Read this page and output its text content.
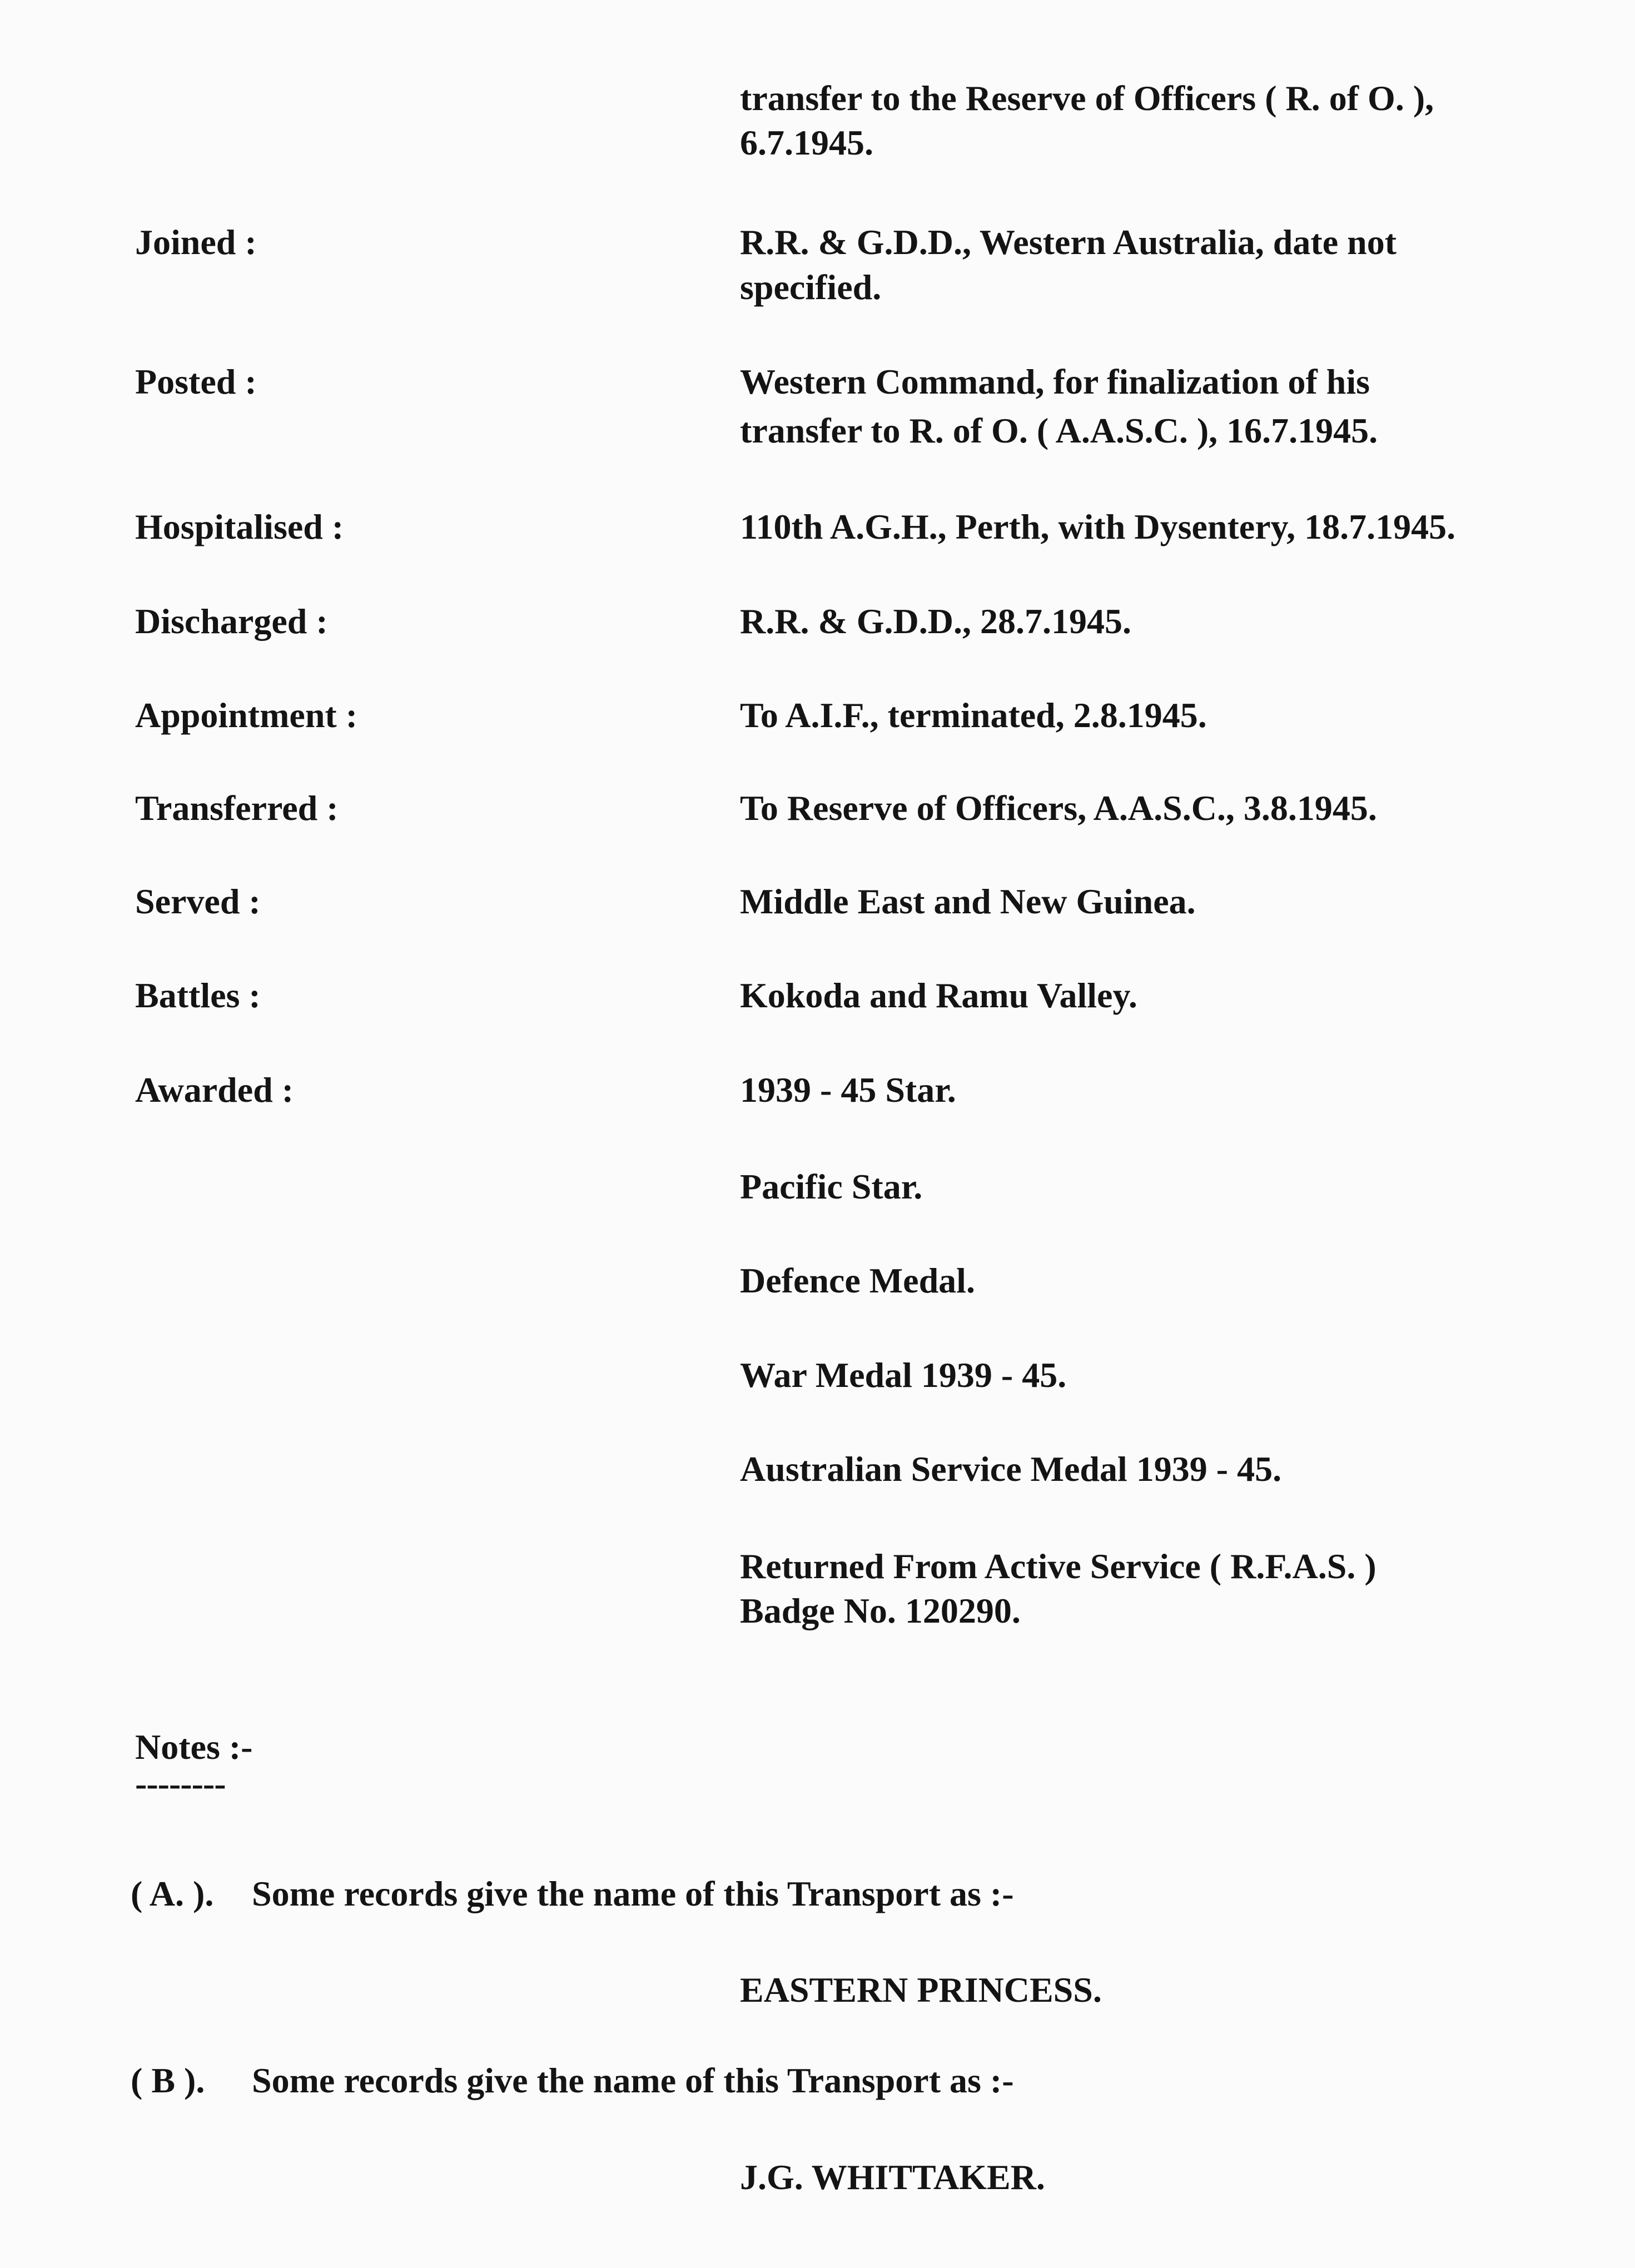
transfer to the Reserve of Officers ( R. of O. ),

6.7.1945.

Joined :	R.R. & G.D.D., Western Australia, date not

specified.

Posted :	Western Command, for finalization of his

transfer to R. of O. ( A.A.S.C. ), 16.7.1945.

Hospitalised :	110th A.G.H., Perth, with Dysentery, 18.7.1945.

Discharged :	R.R. & G.D.D., 28.7.1945.

Appointment :	To A.I.F., terminated, 2.8.1945.

Transferred :	To Reserve of Officers, A.A.S.C., 3.8.1945.

Served :	Middle East and New Guinea.

Battles :	Kokoda and Ramu Valley.

Awarded :	1939 - 45 Star.

Pacific Star.

Defence Medal.

War Medal 1939 - 45.

Australian Service Medal 1939 - 45.

Returned From Active Service ( R.F.A.S. )

Badge No. 120290.

Notes :-

--------

( A. ). Some records give the name of this Transport as :-

EASTERN PRINCESS.

( B ). Some records give the name of this Transport as :-

J.G. WHITTAKER.
